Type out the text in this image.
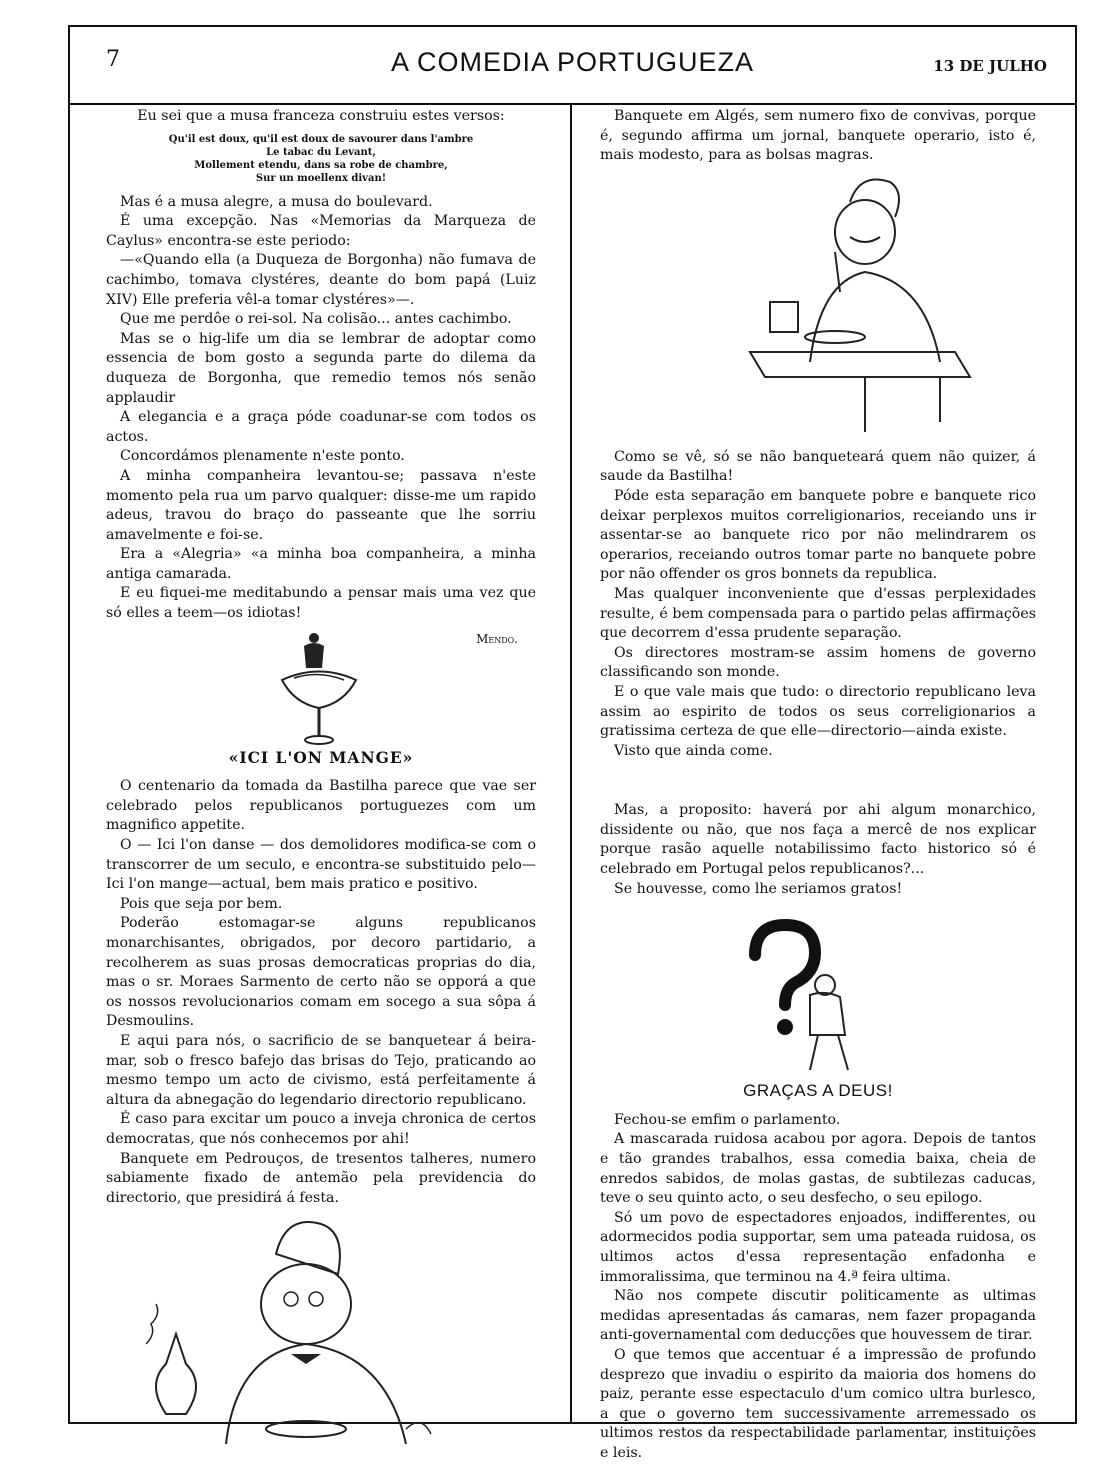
7	A COMEDIA PORTUGUEZA	13 DE JULHO

Eu sei que a musa franceza construiu estes versos:

Qu'il est doux, qu'il est doux de savourer dans l'ambre
Le tabac du Levant,
Mollement etendu, dans sa robe de chambre,
Sur un moellenx divan!

Mas é a musa alegre, a musa do boulevard.

É uma excepção. Nas «Memorias da Marqueza de Caylus» encontra-se este periodo:

—«Quando ella (a Duqueza de Borgonha) não fumava de cachimbo, tomava clystéres, deante do bom papá (Luiz XIV) Elle preferia vêl-a tomar clystéres»—.

Que me perdôe o rei-sol. Na colisão... antes cachimbo.

Mas se o hig-life um dia se lembrar de adoptar como essencia de bom gosto a segunda parte do dilema da duqueza de Borgonha, que remedio temos nós senão applaudir

A elegancia e a graça póde coadunar-se com todos os actos.

Concordámos plenamente n'este ponto.

A minha companheira levantou-se; passava n'este momento pela rua um parvo qualquer: disse-me um rapido adeus, travou do braço do passeante que lhe sorriu amavelmente e foi-se.

Era a «Alegria» «a minha boa companheira, a minha antiga camarada.

E eu fiquei-me meditabundo a pensar mais uma vez que só elles a teem—os idiotas!

Mendo.
«ICI L'ON MANGE»

O centenario da tomada da Bastilha parece que vae ser celebrado pelos republicanos portuguezes com um magnifico appetite.

O — Ici l'on danse — dos demolidores modifica-se com o transcorrer de um seculo, e encontra-se substituido pelo—Ici l'on mange—actual, bem mais pratico e positivo.

Pois que seja por bem.

Poderão estomagar-se alguns republicanos monarchisantes, obrigados, por decoro partidario, a recolherem as suas prosas democraticas proprias do dia, mas o sr. Moraes Sarmento de certo não se opporá a que os nossos revolucionarios comam em socego a sua sôpa á Desmoulins.

E aqui para nós, o sacrificio de se banquetear á beira-mar, sob o fresco bafejo das brisas do Tejo, praticando ao mesmo tempo um acto de civismo, está perfeitamente á altura da abnegação do legendario directorio republicano.

É caso para excitar um pouco a inveja chronica de certos democratas, que nós conhecemos por ahi!

Banquete em Pedrouços, de tresentos talheres, numero sabiamente fixado de antemão pela previdencia do directorio, que presidirá á festa.

Banquete em Algés, sem numero fixo de convivas, porque é, segundo affirma um jornal, banquete operario, isto é, mais modesto, para as bolsas magras.

Como se vê, só se não banqueteará quem não quizer, á saude da Bastilha!

Póde esta separação em banquete pobre e banquete rico deixar perplexos muitos correligionarios, receiando uns ir assentar-se ao banquete rico por não melindrarem os operarios, receiando outros tomar parte no banquete pobre por não offender os gros bonnets da republica.

Mas qualquer inconveniente que d'essas perplexidades resulte, é bem compensada para o partido pelas affirmações que decorrem d'essa prudente separação.

Os directores mostram-se assim homens de governo classificando son monde.

E o que vale mais que tudo: o directorio republicano leva assim ao espirito de todos os seus correligionarios a gratissima certeza de que elle—directorio—ainda existe.

Visto que ainda come.

Mas, a proposito: haverá por ahi algum monarchico, dissidente ou não, que nos faça a mercê de nos explicar porque rasão aquelle notabilissimo facto historico só é celebrado em Portugal pelos republicanos?...

Se houvesse, como lhe seriamos gratos!

GRAÇAS A DEUS!

Fechou-se emfim o parlamento.

A mascarada ruidosa acabou por agora. Depois de tantos e tão grandes trabalhos, essa comedia baixa, cheia de enredos sabidos, de molas gastas, de subtilezas caducas, teve o seu quinto acto, o seu desfecho, o seu epilogo.

Só um povo de espectadores enjoados, indifferentes, ou adormecidos podia supportar, sem uma pateada ruidosa, os ultimos actos d'essa representação enfadonha e immoralissima, que terminou na 4.ª feira ultima.

Não nos compete discutir politicamente as ultimas medidas apresentadas ás camaras, nem fazer propaganda anti-governamental com deducções que houvessem de tirar.

O que temos que accentuar é a impressão de profundo desprezo que invadiu o espirito da maioria dos homens do paiz, perante esse espectaculo d'um comico ultra burlesco, a que o governo tem successivamente arremessado os ultimos restos da respectabilidade parlamentar, instituições e leis.
